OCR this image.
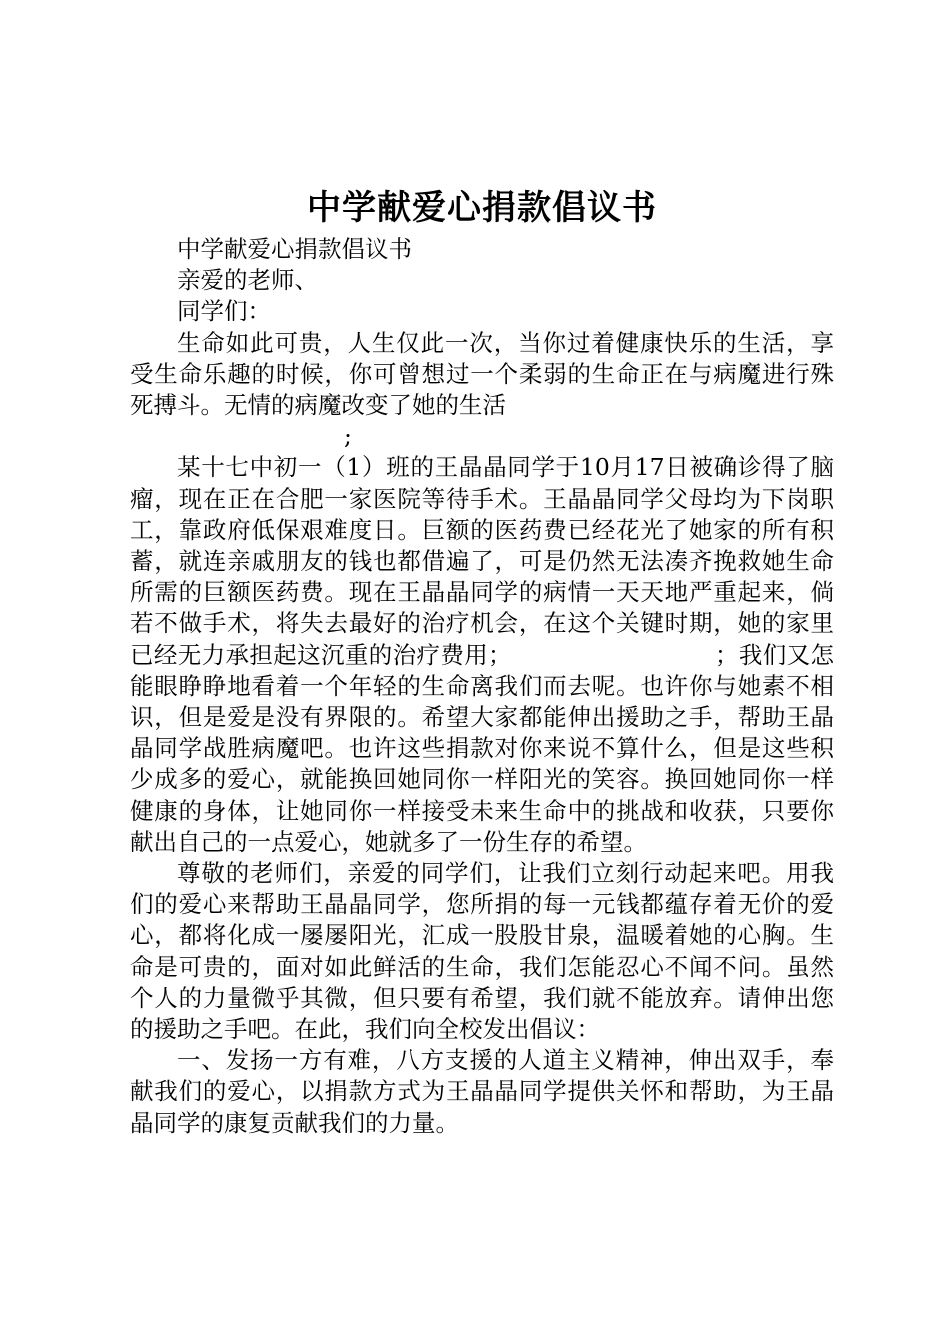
中学献爱心捐款倡议书

中学献爱心捐款倡议书

亲爱的老师、

同学们：

生命如此可贵，人生仅此一次，当你过着健康快乐的生活，享受生命乐趣的时候，你可曾想过一个柔弱的生命正在与病魔进行殊死搏斗。无情的病魔改变了她的生活

;

某十七中初一（1）班的王晶晶同学于10月17日被确诊得了脑瘤，现在正在合肥一家医院等待手术。王晶晶同学父母均为下岗职工，靠政府低保艰难度日。巨额的医药费已经花光了她家的所有积蓄，就连亲戚朋友的钱也都借遍了，可是仍然无法凑齐挽救她生命所需的巨额医药费。现在王晶晶同学的病情一天天地严重起来，倘若不做手术，将失去最好的治疗机会，在这个关键时期，她的家里已经无力承担起这沉重的治疗费用；　　　　　　　　　；我们又怎能眼睁睁地看着一个年轻的生命离我们而去呢。也许你与她素不相识，但是爱是没有界限的。希望大家都能伸出援助之手，帮助王晶晶同学战胜病魔吧。也许这些捐款对你来说不算什么，但是这些积少成多的爱心，就能换回她同你一样阳光的笑容。换回她同你一样健康的身体，让她同你一样接受未来生命中的挑战和收获，只要你献出自己的一点爱心，她就多了一份生存的希望。

尊敬的老师们，亲爱的同学们，让我们立刻行动起来吧。用我们的爱心来帮助王晶晶同学，您所捐的每一元钱都蕴存着无价的爱心，都将化成一屡屡阳光，汇成一股股甘泉，温暖着她的心胸。生命是可贵的，面对如此鲜活的生命，我们怎能忍心不闻不问。虽然个人的力量微乎其微，但只要有希望，我们就不能放弃。请伸出您的援助之手吧。在此，我们向全校发出倡议：

一、发扬一方有难，八方支援的人道主义精神，伸出双手，奉献我们的爱心，以捐款方式为王晶晶同学提供关怀和帮助，为王晶晶同学的康复贡献我们的力量。
